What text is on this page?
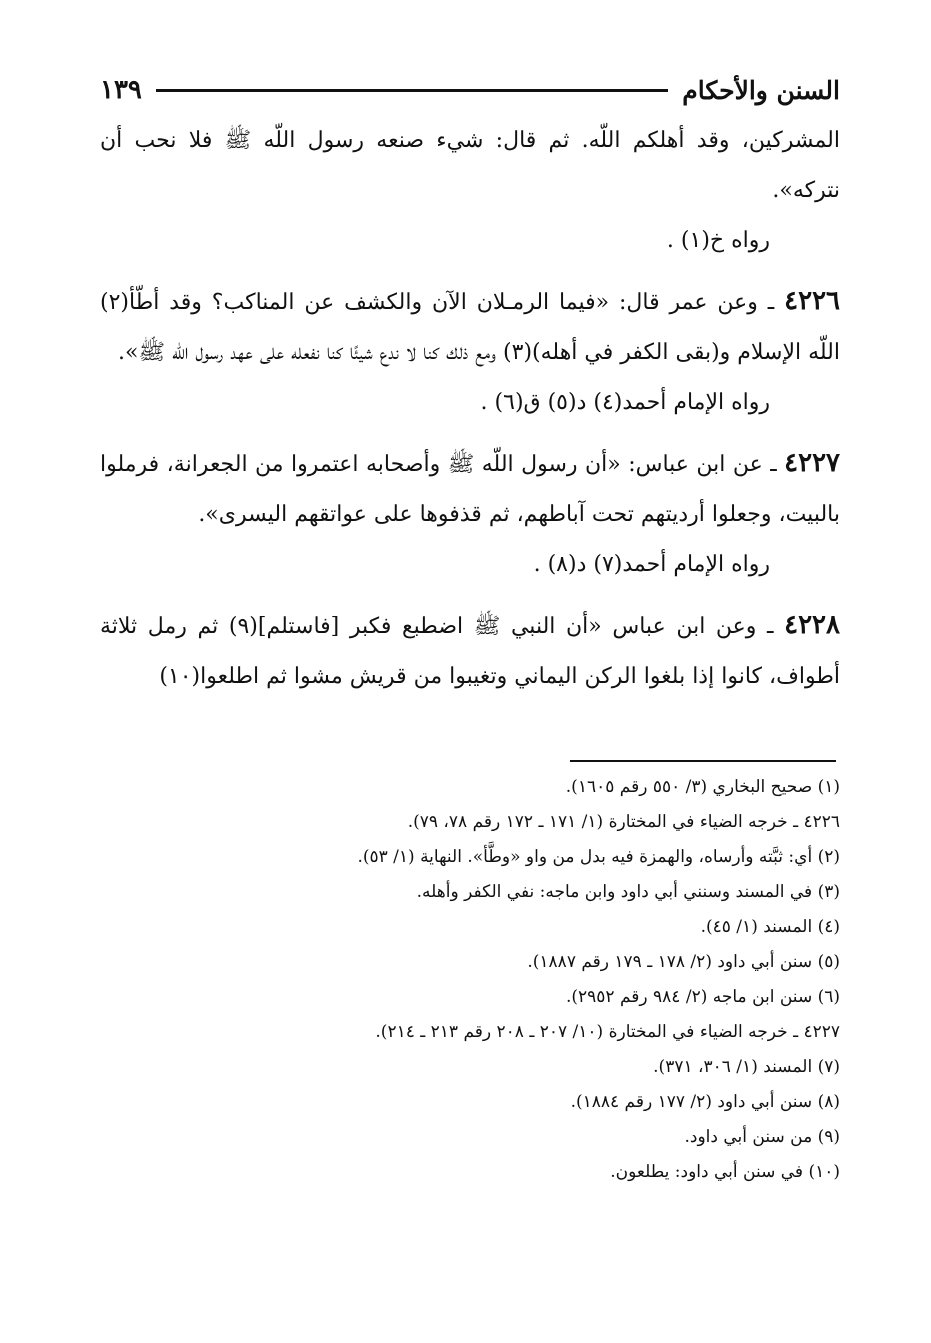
السنن والأحكام
١٣٩

المشركين، وقد أهلكم اللّه. ثم قال: شيء صنعه رسول اللّه ﷺ فلا نحب أن نتركه».

رواه خ(١) .

٤٢٢٦ ـ وعن عمر قال: «فيما الرمـلان الآن والكشف عن المناكب؟ وقد أطّأ(٢) اللّه الإسلام و(بقى الكفر في أهله)(٣) ومع ذلك كنا لا ندع شيئًا كنا نفعله على عهد رسول اللّه ﷺ».

رواه الإمام أحمد(٤) د(٥) ق(٦) .

٤٢٢٧ ـ عن ابن عباس: «أن رسول اللّه ﷺ وأصحابه اعتمروا من الجعرانة، فرملوا بالبيت، وجعلوا أرديتهم تحت آباطهم، ثم قذفوها على عواتقهم اليسرى».

رواه الإمام أحمد(٧) د(٨) .

٤٢٢٨ ـ وعن ابن عباس «أن النبي ﷺ اضطبع فكبر [فاستلم](٩) ثم رمل ثلاثة أطواف، كانوا إذا بلغوا الركن اليماني وتغيبوا من قريش مشوا ثم اطلعوا(١٠)

(١) صحيح البخاري (٣/ ٥٥٠ رقم ١٦٠٥).
٤٢٢٦ ـ خرجه الضياء في المختارة (١/ ١٧١ ـ ١٧٢ رقم ٧٨، ٧٩).
(٢) أي: ثبَّته وأرساه، والهمزة فيه بدل من واو «وطَّأ». النهاية (١/ ٥٣).
(٣) في المسند وسنني أبي داود وابن ماجه: نفي الكفر وأهله.
(٤) المسند (١/ ٤٥).
(٥) سنن أبي داود (٢/ ١٧٨ ـ ١٧٩ رقم ١٨٨٧).
(٦) سنن ابن ماجه (٢/ ٩٨٤ رقم ٢٩٥٢).
٤٢٢٧ ـ خرجه الضياء في المختارة (١٠/ ٢٠٧ ـ ٢٠٨ رقم ٢١٣ ـ ٢١٤).
(٧) المسند (١/ ٣٠٦، ٣٧١).
(٨) سنن أبي داود (٢/ ١٧٧ رقم ١٨٨٤).
(٩) من سنن أبي داود.
(١٠) في سنن أبي داود: يطلعون.
